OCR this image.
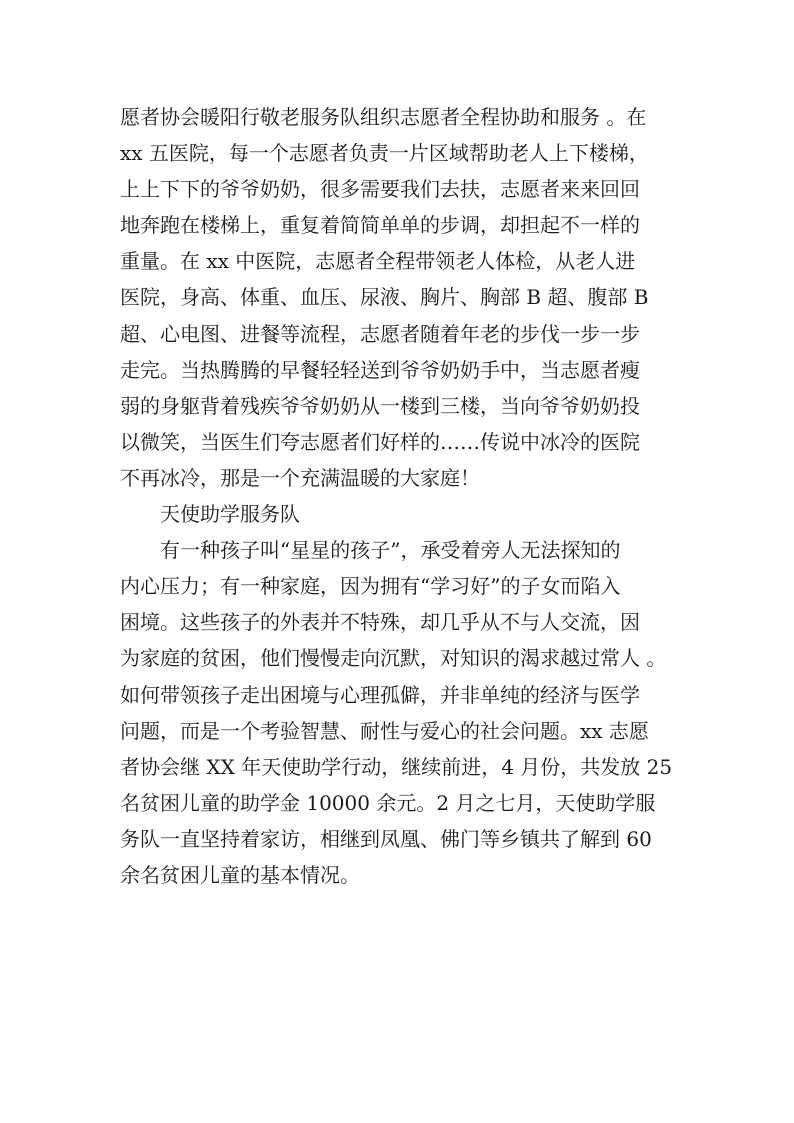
愿者协会暖阳行敬老服务队组织志愿者全程协助和服务 。在
xx 五医院，每一个志愿者负责一片区域帮助老人上下楼梯，
上上下下的爷爷奶奶，很多需要我们去扶，志愿者来来回回
地奔跑在楼梯上，重复着简简单单的步调，却担起不一样的
重量。在 xx 中医院，志愿者全程带领老人体检，从老人进
医院，身高、体重、血压、尿液、胸片、胸部 B 超、腹部 B
超、心电图、进餐等流程，志愿者随着年老的步伐一步一步
走完。当热腾腾的早餐轻轻送到爷爷奶奶手中，当志愿者瘦
弱的身躯背着残疾爷爷奶奶从一楼到三楼，当向爷爷奶奶投
以微笑，当医生们夸志愿者们好样的……传说中冰冷的医院
不再冰冷，那是一个充满温暖的大家庭！
天使助学服务队
有一种孩子叫“星星的孩子”，承受着旁人无法探知的
内心压力；有一种家庭，因为拥有“学习好”的子女而陷入
困境。这些孩子的外表并不特殊，却几乎从不与人交流，因
为家庭的贫困，他们慢慢走向沉默，对知识的渴求越过常人 。
如何带领孩子走出困境与心理孤僻，并非单纯的经济与医学
问题，而是一个考验智慧、耐性与爱心的社会问题。xx 志愿
者协会继 XX 年天使助学行动，继续前进，4 月份，共发放 25
名贫困儿童的助学金 10000 余元。2 月之七月，天使助学服
务队一直坚持着家访，相继到凤凰、佛门等乡镇共了解到 60
余名贫困儿童的基本情况。
